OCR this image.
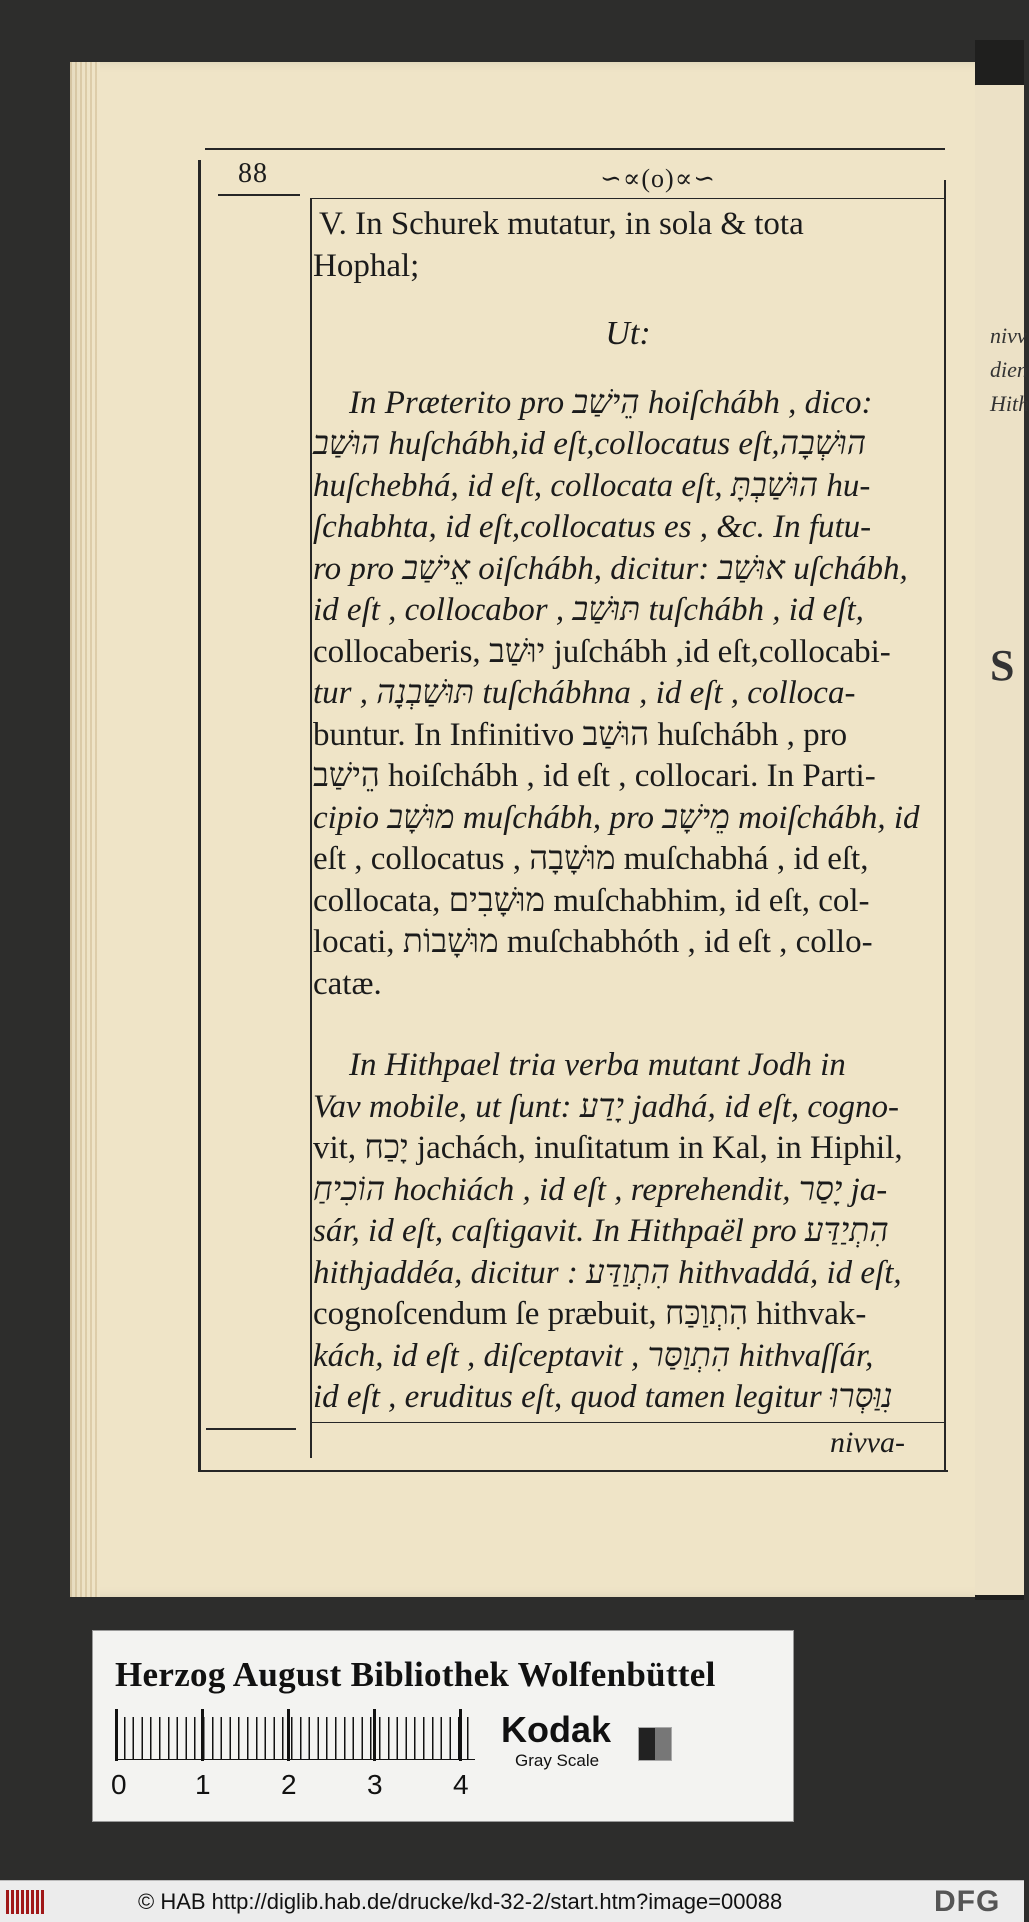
nivv
dien
Hith
S
88	∽∝(o)∝∽

V. In Schurek mutatur, in sola & tota

Hophal;

Ut:

In Præterito pro הֵישַׁב hoiſchábh , dico:

הוּשַׁב huſchábh,id eſt,collocatus eſt,הוּשְׁבָה

huſchebhá, id eſt, collocata eſt, הוּשַׁבְתָּ hu-

ſchabhta, id eſt,collocatus es , &c. In futu-

ro pro אֵישַׁב oiſchábh, dicitur: אוּשַׁב uſchábh,

id eſt , collocabor , תּוּשַׁב tuſchábh , id eſt,

collocaberis, יוּשַׁב juſchábh ,id eſt,collocabi-

tur , תּוּשַׁבְנָה tuſchábhna , id eſt , colloca-

buntur. In Infinitivo הוּשַׁב huſchábh , pro

הֵישַׁב hoiſchábh , id eſt , collocari. In Parti-

cipio מוּשָׁב muſchábh, pro מֵישָׁב moiſchábh, id

eſt , collocatus , מוּשָׁבָה muſchabhá , id eſt,

collocata, מוּשָׁבִים muſchabhim, id eſt, col-

locati, מוּשָׁבוֹת muſchabhóth , id eſt , collo-

catæ.

In Hithpael tria verba mutant Jodh in

Vav mobile, ut ſunt: יָדַע jadhá, id eſt, cogno-

vit, יָכַח jachách, inuſitatum in Kal, in Hiphil,

הוֹכִיחַ hochiách , id eſt , reprehendit, יָסַר ja-

sár, id eſt, caſtigavit. In Hithpaël pro הִתְיַדַּע

hithjaddéa, dicitur : הִתְוַדַּע hithvaddá, id eſt,

cognoſcendum ſe præbuit, הִתְוַכַּח hithvak-

kách, id eſt , diſceptavit , הִתְוַסַּר hithvaſſár,

id eſt , eruditus eſt, quod tamen legitur נִוַּסְּרוּ

nivva-
Herzog August Bibliothek Wolfenbüttel
0 1	2	3	4
Kodak
Gray Scale
© HAB http://diglib.hab.de/drucke/kd-32-2/start.htm?image=00088	DFG
